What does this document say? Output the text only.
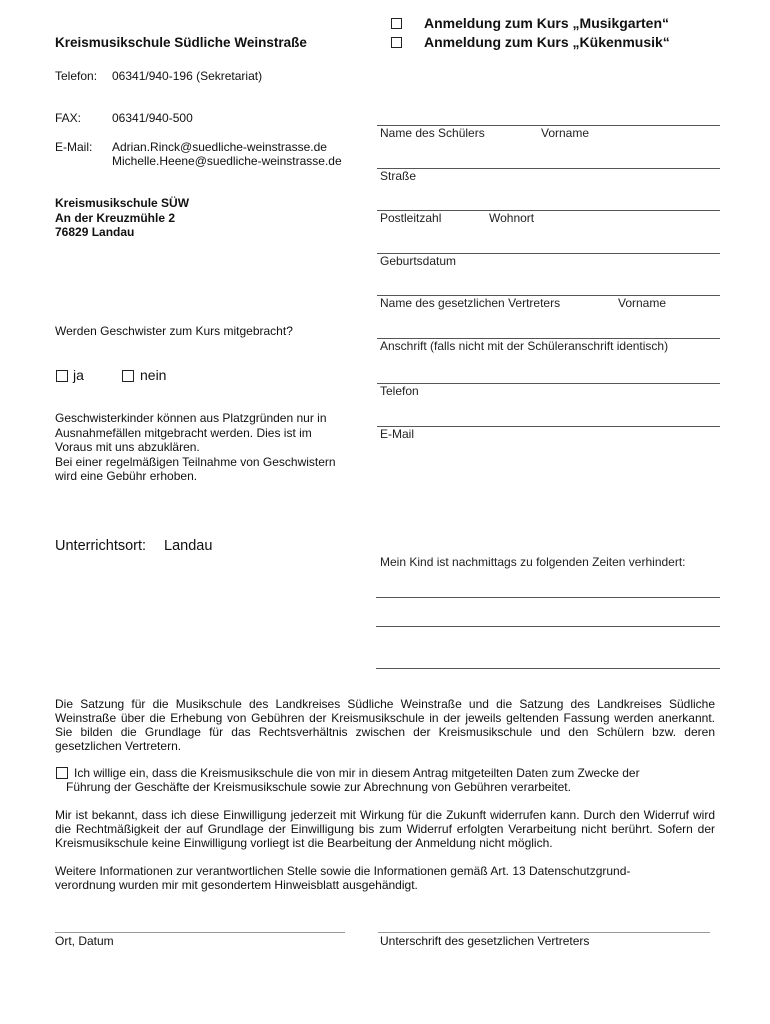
Anmeldung zum Kurs „Musikgarten“
Anmeldung zum Kurs „Kükenmusik“
Kreismusikschule Südliche Weinstraße
Telefon: 06341/940-196 (Sekretariat)
FAX:	06341/940-500
E-Mail: Adrian.Rinck@suedliche-weinstrasse.de
Michelle.Heene@suedliche-weinstrasse.de
Kreismusikschule SÜW
An der Kreuzmühle 2
76829 Landau
Werden Geschwister zum Kurs mitgebracht?
ja	nein
Geschwisterkinder können aus Platzgründen nur in
Ausnahmefällen mitgebracht werden. Dies ist im
Voraus mit uns abzuklären.
Bei einer regelmäßigen Teilnahme von Geschwistern
wird eine Gebühr erhoben.
Unterrichtsort: Landau
Name des Schülers	Vorname
Straße
Postleitzahl	Wohnort
Geburtsdatum
Name des gesetzlichen Vertreters	Vorname
Anschrift (falls nicht mit der Schüleranschrift identisch)
Telefon
E-Mail
Mein Kind ist nachmittags zu folgenden Zeiten verhindert:
Die Satzung für die Musikschule des Landkreises Südliche Weinstraße und die Satzung des Landkreises Südliche Weinstraße über die Erhebung von Gebühren der Kreismusikschule in der jeweils geltenden Fassung werden anerkannt. Sie bilden die Grundlage für das Rechtsverhältnis zwischen der Kreismusikschule und den Schülern bzw. deren gesetzlichen Vertretern.
Ich willige ein, dass die Kreismusikschule die von mir in diesem Antrag mitgeteilten Daten zum Zwecke der
Führung der Geschäfte der Kreismusikschule sowie zur Abrechnung von Gebühren verarbeitet.
Mir ist bekannt, dass ich diese Einwilligung jederzeit mit Wirkung für die Zukunft widerrufen kann. Durch den Widerruf wird die Rechtmäßigkeit der auf Grundlage der Einwilligung bis zum Widerruf erfolgten Verarbeitung nicht berührt. Sofern der Kreismusikschule keine Einwilligung vorliegt ist die Bearbeitung der Anmeldung nicht möglich.
Weitere Informationen zur verantwortlichen Stelle sowie die Informationen gemäß Art. 13 Datenschutzgrund-
verordnung wurden mir mit gesondertem Hinweisblatt ausgehändigt.
Ort, Datum	Unterschrift des gesetzlichen Vertreters
